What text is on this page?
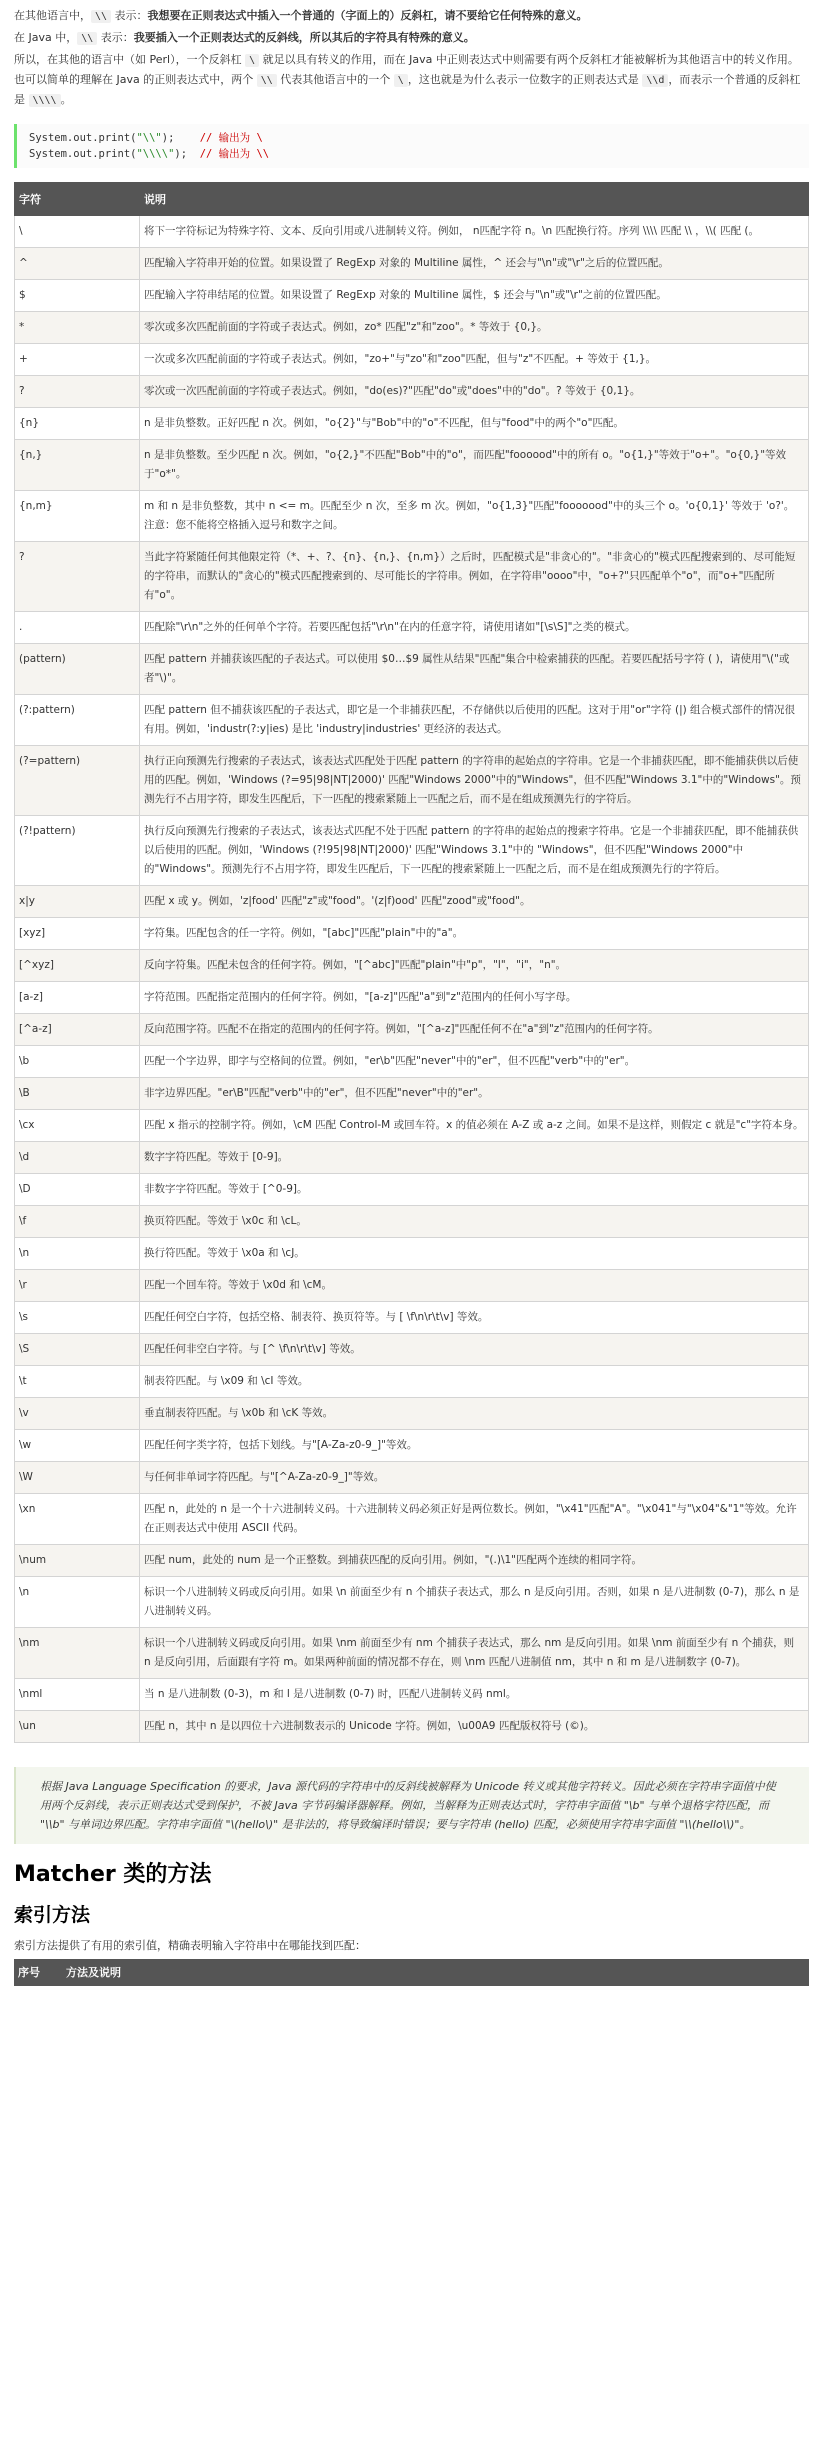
在其他语言中， \\ 表示：我想要在正则表达式中插入一个普通的（字面上的）反斜杠，请不要给它任何特殊的意义。

在 Java 中， \\ 表示：我要插入一个正则表达式的反斜线，所以其后的字符具有特殊的意义。

所以，在其他的语言中（如 Perl），一个反斜杠 \ 就足以具有转义的作用，而在 Java 中正则表达式中则需要有两个反斜杠才能被解析为其他语言中的转义作用。也可以简单的理解在 Java 的正则表达式中，两个 \\ 代表其他语言中的一个 \ ，这也就是为什么表示一位数字的正则表达式是 \\d ，而表示一个普通的反斜杠是 \\\\ 。

System.out.print("\\");    // 输出为 \
System.out.print("\\\\");  // 输出为 \\
字符	说明
\	将下一字符标记为特殊字符、文本、反向引用或八进制转义符。例如， n匹配字符 n。\n 匹配换行符。序列 \\\\ 匹配 \\ ，\\( 匹配 (。
^	匹配输入字符串开始的位置。如果设置了 RegExp 对象的 Multiline 属性，^ 还会与"\n"或"\r"之后的位置匹配。
$	匹配输入字符串结尾的位置。如果设置了 RegExp 对象的 Multiline 属性，$ 还会与"\n"或"\r"之前的位置匹配。
*	零次或多次匹配前面的字符或子表达式。例如，zo* 匹配"z"和"zoo"。* 等效于 {0,}。
+	一次或多次匹配前面的字符或子表达式。例如，"zo+"与"zo"和"zoo"匹配，但与"z"不匹配。+ 等效于 {1,}。
?	零次或一次匹配前面的字符或子表达式。例如，"do(es)?"匹配"do"或"does"中的"do"。? 等效于 {0,1}。
{n}	n 是非负整数。正好匹配 n 次。例如，"o{2}"与"Bob"中的"o"不匹配，但与"food"中的两个"o"匹配。
{n,}	n 是非负整数。至少匹配 n 次。例如，"o{2,}"不匹配"Bob"中的"o"，而匹配"foooood"中的所有 o。"o{1,}"等效于"o+"。"o{0,}"等效于"o*"。
{n,m}	m 和 n 是非负整数，其中 n <= m。匹配至少 n 次，至多 m 次。例如，"o{1,3}"匹配"fooooood"中的头三个 o。'o{0,1}' 等效于 'o?'。注意：您不能将空格插入逗号和数字之间。
?	当此字符紧随任何其他限定符（*、+、?、{n}、{n,}、{n,m}）之后时，匹配模式是"非贪心的"。"非贪心的"模式匹配搜索到的、尽可能短的字符串，而默认的"贪心的"模式匹配搜索到的、尽可能长的字符串。例如，在字符串"oooo"中，"o+?"只匹配单个"o"，而"o+"匹配所有"o"。
.	匹配除"\r\n"之外的任何单个字符。若要匹配包括"\r\n"在内的任意字符，请使用诸如"[\s\S]"之类的模式。
(pattern)	匹配 pattern 并捕获该匹配的子表达式。可以使用 $0…$9 属性从结果"匹配"集合中检索捕获的匹配。若要匹配括号字符 ( )，请使用"\("或者"\)"。
(?:pattern)	匹配 pattern 但不捕获该匹配的子表达式，即它是一个非捕获匹配，不存储供以后使用的匹配。这对于用"or"字符 (|) 组合模式部件的情况很有用。例如，'industr(?:y|ies) 是比 'industry|industries' 更经济的表达式。
(?=pattern)	执行正向预测先行搜索的子表达式，该表达式匹配处于匹配 pattern 的字符串的起始点的字符串。它是一个非捕获匹配，即不能捕获供以后使用的匹配。例如，'Windows (?=95|98|NT|2000)' 匹配"Windows 2000"中的"Windows"，但不匹配"Windows 3.1"中的"Windows"。预测先行不占用字符，即发生匹配后，下一匹配的搜索紧随上一匹配之后，而不是在组成预测先行的字符后。
(?!pattern)	执行反向预测先行搜索的子表达式，该表达式匹配不处于匹配 pattern 的字符串的起始点的搜索字符串。它是一个非捕获匹配，即不能捕获供以后使用的匹配。例如，'Windows (?!95|98|NT|2000)' 匹配"Windows 3.1"中的 "Windows"，但不匹配"Windows 2000"中的"Windows"。预测先行不占用字符，即发生匹配后，下一匹配的搜索紧随上一匹配之后，而不是在组成预测先行的字符后。
x|y	匹配 x 或 y。例如，'z|food' 匹配"z"或"food"。'(z|f)ood' 匹配"zood"或"food"。
[xyz]	字符集。匹配包含的任一字符。例如，"[abc]"匹配"plain"中的"a"。
[^xyz]	反向字符集。匹配未包含的任何字符。例如，"[^abc]"匹配"plain"中"p"，"l"，"i"，"n"。
[a-z]	字符范围。匹配指定范围内的任何字符。例如，"[a-z]"匹配"a"到"z"范围内的任何小写字母。
[^a-z]	反向范围字符。匹配不在指定的范围内的任何字符。例如，"[^a-z]"匹配任何不在"a"到"z"范围内的任何字符。
\b	匹配一个字边界，即字与空格间的位置。例如，"er\b"匹配"never"中的"er"，但不匹配"verb"中的"er"。
\B	非字边界匹配。"er\B"匹配"verb"中的"er"，但不匹配"never"中的"er"。
\cx	匹配 x 指示的控制字符。例如，\cM 匹配 Control-M 或回车符。x 的值必须在 A-Z 或 a-z 之间。如果不是这样，则假定 c 就是"c"字符本身。
\d	数字字符匹配。等效于 [0-9]。
\D	非数字字符匹配。等效于 [^0-9]。
\f	换页符匹配。等效于 \x0c 和 \cL。
\n	换行符匹配。等效于 \x0a 和 \cJ。
\r	匹配一个回车符。等效于 \x0d 和 \cM。
\s	匹配任何空白字符，包括空格、制表符、换页符等。与 [ \f\n\r\t\v] 等效。
\S	匹配任何非空白字符。与 [^ \f\n\r\t\v] 等效。
\t	制表符匹配。与 \x09 和 \cI 等效。
\v	垂直制表符匹配。与 \x0b 和 \cK 等效。
\w	匹配任何字类字符，包括下划线。与"[A-Za-z0-9_]"等效。
\W	与任何非单词字符匹配。与"[^A-Za-z0-9_]"等效。
\xn	匹配 n，此处的 n 是一个十六进制转义码。十六进制转义码必须正好是两位数长。例如，"\x41"匹配"A"。"\x041"与"\x04"&"1"等效。允许在正则表达式中使用 ASCII 代码。
\num	匹配 num，此处的 num 是一个正整数。到捕获匹配的反向引用。例如，"(.)\1"匹配两个连续的相同字符。
\n	标识一个八进制转义码或反向引用。如果 \n 前面至少有 n 个捕获子表达式，那么 n 是反向引用。否则，如果 n 是八进制数 (0-7)，那么 n 是八进制转义码。
\nm	标识一个八进制转义码或反向引用。如果 \nm 前面至少有 nm 个捕获子表达式，那么 nm 是反向引用。如果 \nm 前面至少有 n 个捕获，则 n 是反向引用，后面跟有字符 m。如果两种前面的情况都不存在，则 \nm 匹配八进制值 nm，其中 n 和 m 是八进制数字 (0-7)。
\nml	当 n 是八进制数 (0-3)，m 和 l 是八进制数 (0-7) 时，匹配八进制转义码 nml。
\un	匹配 n，其中 n 是以四位十六进制数表示的 Unicode 字符。例如，\u00A9 匹配版权符号 (©)。
根据 Java Language Specification 的要求，Java 源代码的字符串中的反斜线被解释为 Unicode 转义或其他字符转义。因此必须在字符串字面值中使用两个反斜线，表示正则表达式受到保护，不被 Java 字节码编译器解释。例如，当解释为正则表达式时，字符串字面值 "\b" 与单个退格字符匹配，而 "\\b" 与单词边界匹配。字符串字面值 "\(hello\)" 是非法的，将导致编译时错误；要与字符串 (hello) 匹配，必须使用字符串字面值 "\\(hello\\)"。
Matcher 类的方法
索引方法

索引方法提供了有用的索引值，精确表明输入字符串中在哪能找到匹配：

序号	方法及说明
